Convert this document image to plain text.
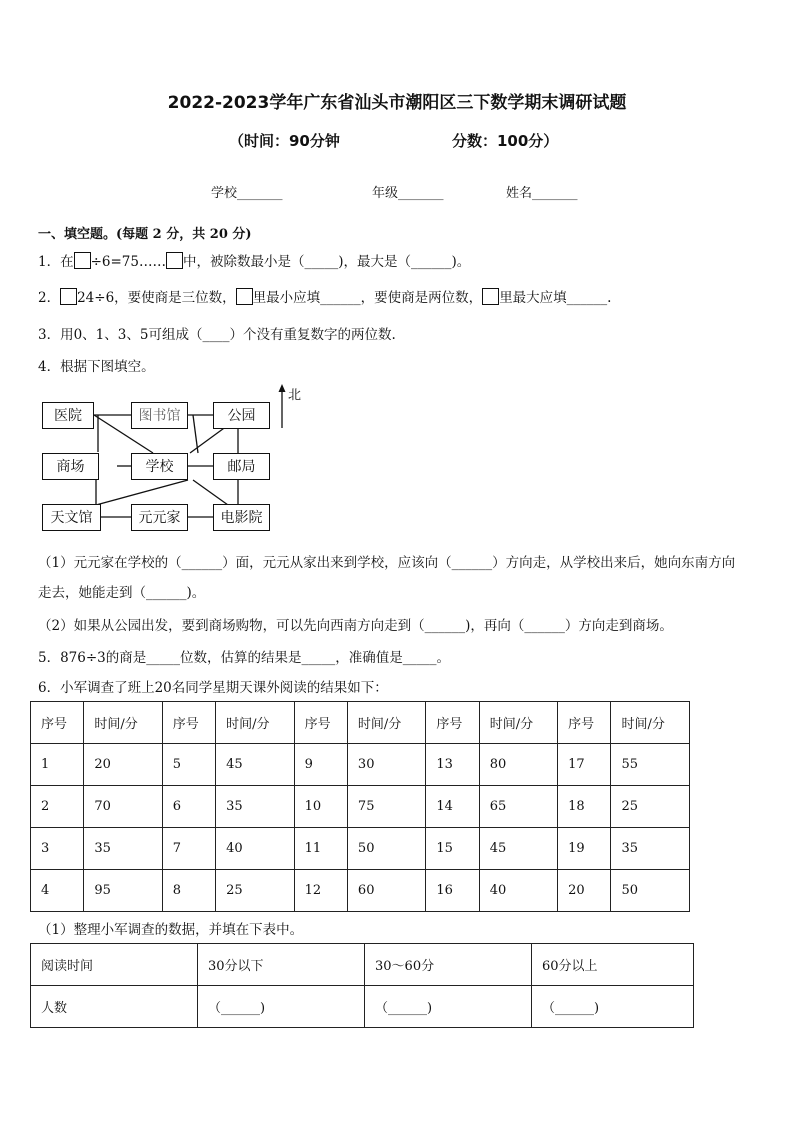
2022-2023学年广东省汕头市潮阳区三下数学期末调研试题
（时间：90分钟	分数：100分）
学校_______	年级_______	姓名_______
一、填空题。(每题 2 分，共 20 分)
1．在 ÷6=75…… 中，被除数最小是（_____)，最大是（______)。
2． 24÷6，要使商是三位数， 里最小应填______，要使商是两位数， 里最大应填______.
3．用0、1、3、5可组成（____）个没有重复数字的两位数.
4．根据下图填空。
北
医院	图书馆	公园
商场	学校	邮局
天文馆	元元家	电影院
（1）元元家在学校的（______）面，元元从家出来到学校，应该向（______）方向走，从学校出来后，她向东南方向
走去，她能走到（______)。
（2）如果从公园出发，要到商场购物，可以先向西南方向走到（______)，再向（______）方向走到商场。
5．876÷3的商是_____位数，估算的结果是_____，准确值是_____。
6．小军调查了班上20名同学星期天课外阅读的结果如下：
序号	时间/分	序号	时间/分	序号	时间/分	序号	时间/分	序号	时间/分
1	20	5	45	9	30	13	80	17	55
2	70	6	35	10	75	14	65	18	25
3	35	7	40	11	50	15	45	19	35
4	95	8	25	12	60	16	40	20	50
（1）整理小军调查的数据，并填在下表中。
阅读时间	30分以下	30～60分	60分以上
人数	（______)	（______)	（______)
